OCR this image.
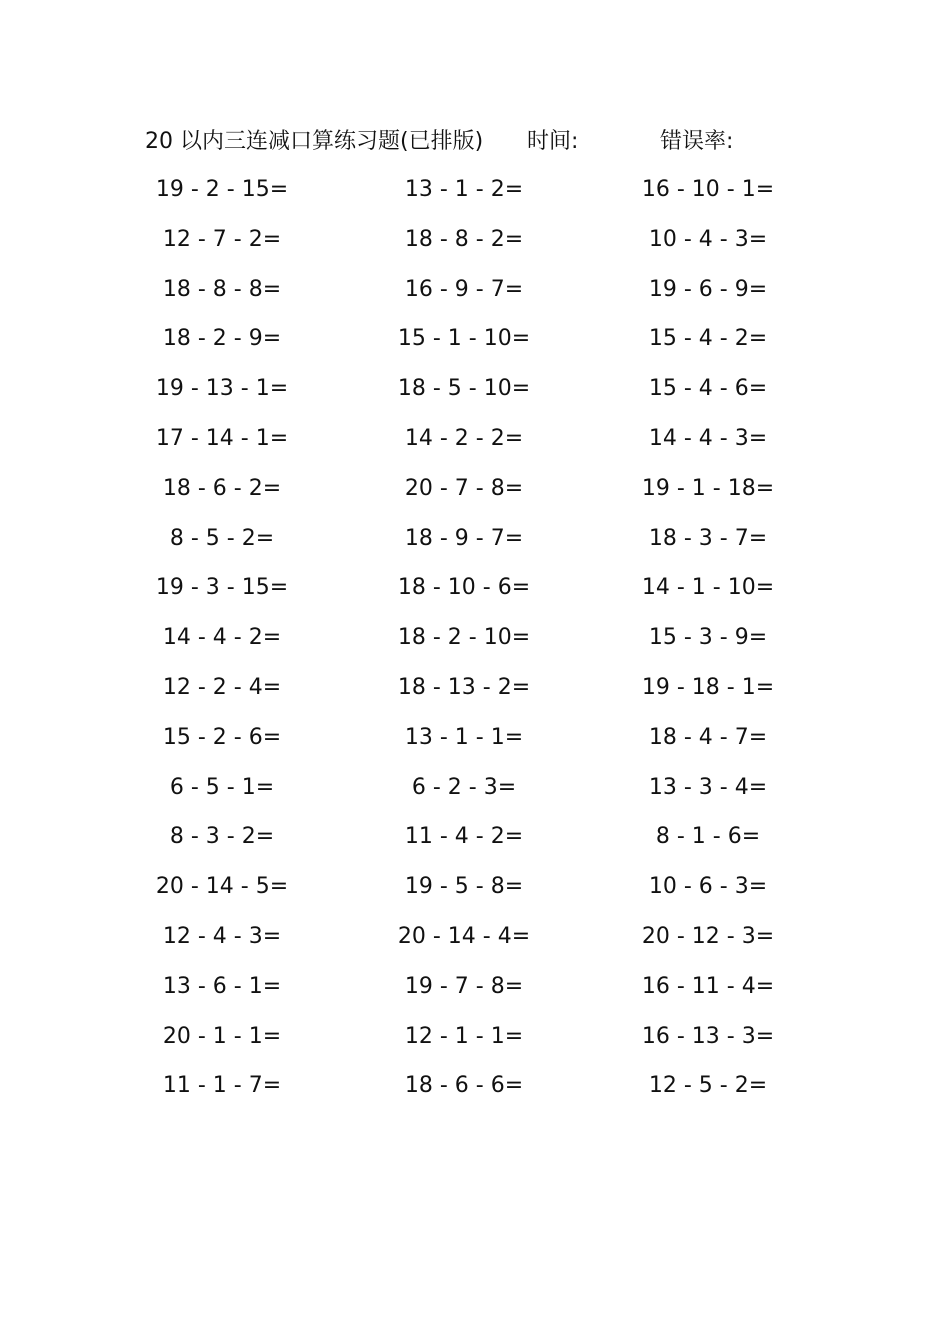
20 以内三连减口算练习题(已排版) 时间:	错误率:
19 - 2 - 15=	13 - 1 - 2=	16 - 10 - 1=
12 - 7 - 2=	18 - 8 - 2=	10 - 4 - 3=
18 - 8 - 8=	16 - 9 - 7=	19 - 6 - 9=
18 - 2 - 9=	15 - 1 - 10=	15 - 4 - 2=
19 - 13 - 1=	18 - 5 - 10=	15 - 4 - 6=
17 - 14 - 1=	14 - 2 - 2=	14 - 4 - 3=
18 - 6 - 2=	20 - 7 - 8=	19 - 1 - 18=
8 - 5 - 2=	18 - 9 - 7=	18 - 3 - 7=
19 - 3 - 15=	18 - 10 - 6=	14 - 1 - 10=
14 - 4 - 2=	18 - 2 - 10=	15 - 3 - 9=
12 - 2 - 4=	18 - 13 - 2=	19 - 18 - 1=
15 - 2 - 6=	13 - 1 - 1=	18 - 4 - 7=
6 - 5 - 1=	6 - 2 - 3=	13 - 3 - 4=
8 - 3 - 2=	11 - 4 - 2=	8 - 1 - 6=
20 - 14 - 5=	19 - 5 - 8=	10 - 6 - 3=
12 - 4 - 3=	20 - 14 - 4=	20 - 12 - 3=
13 - 6 - 1=	19 - 7 - 8=	16 - 11 - 4=
20 - 1 - 1=	12 - 1 - 1=	16 - 13 - 3=
11 - 1 - 7=	18 - 6 - 6=	12 - 5 - 2=
